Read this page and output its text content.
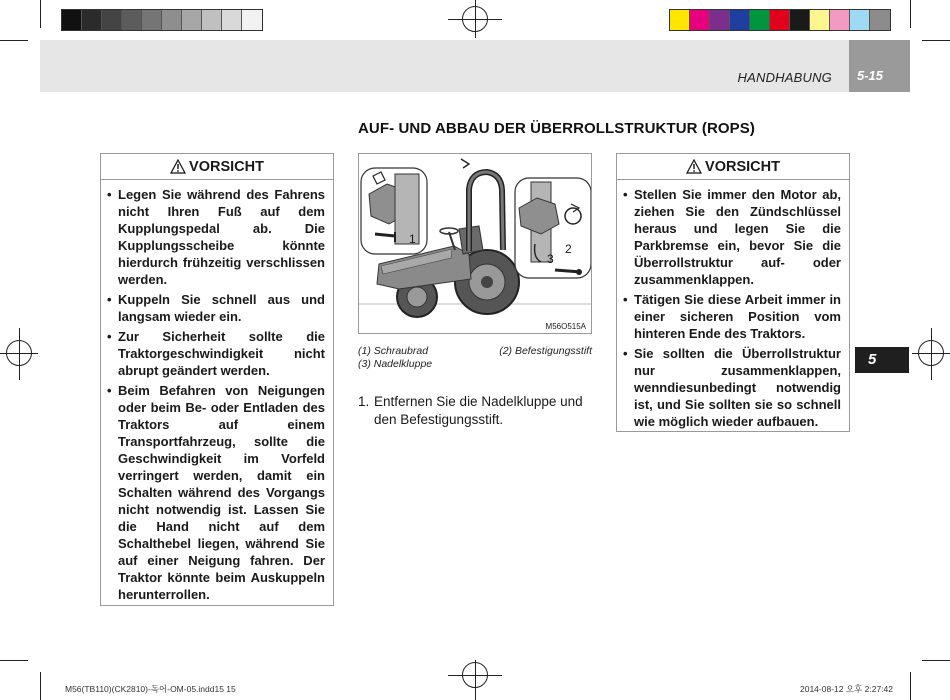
HANDHABUNG 5-15
5
AUF- UND ABBAU DER ÜBERROLLSTRUKTUR (ROPS)
VORSICHT
• Legen Sie während des Fahrens nicht Ihren Fuß auf dem Kupplungspedal ab. Die Kupplungsscheibe könnte hierdurch frühzeitig verschlissen werden.
• Kuppeln Sie schnell aus und langsam wieder ein.
• Zur Sicherheit sollte die Traktorgeschwindigkeit nicht abrupt geändert werden.
• Beim Befahren von Neigungen oder beim Be- oder Entladen des Traktors auf einem Transportfahrzeug, sollte die Geschwindigkeit im Vorfeld verringert werden, damit ein Schalten während des Vorgangs nicht notwendig ist. Lassen Sie die Hand nicht auf dem Schalthebel liegen, während Sie auf einer Neigung fahren. Der Traktor könnte beim Auskuppeln herunterrollen.
1
2
3
M56O515A
(1) Schraubrad	(2) Befestigungsstift
(3) Nadelkluppe
1. Entfernen Sie die Nadelkluppe und den Befestigungsstift.
VORSICHT
• Stellen Sie immer den Motor ab, ziehen Sie den Zündschlüssel heraus und legen Sie die Parkbremse ein, bevor Sie die Überrollstruktur auf- oder zusammenklappen.
• Tätigen Sie diese Arbeit immer in einer sicheren Position vom hinteren Ende des Traktors.
• Sie sollten die Überrollstruktur nur zusammenklappen, wenndiesunbedingt notwendig ist, und Sie sollten sie so schnell wie möglich wieder aufbauen.
M56(TB110)(CK2810)-독어-OM-05.indd15 15	2014-08-12 오후 2:27:42
